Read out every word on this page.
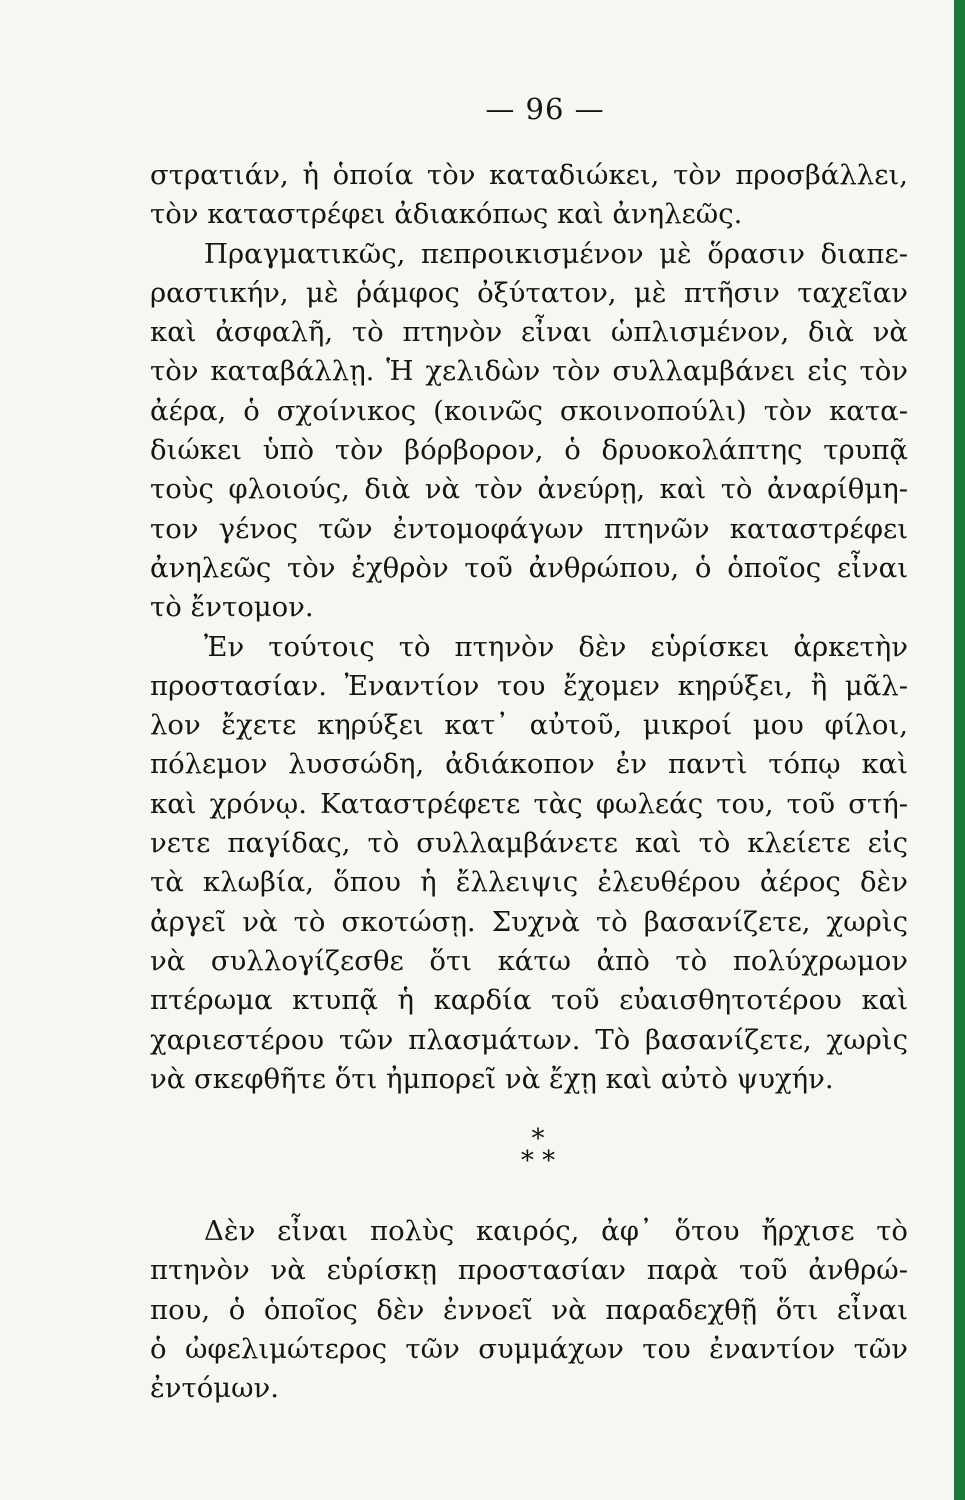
— 96 —
στρατιάν, ἡ ὁποία τὸν καταδιώκει, τὸν προσβάλλει,
τὸν καταστρέφει ἀδιακόπως καὶ ἀνηλεῶς.
Πραγματικῶς, πεπροικισμένον μὲ ὅρασιν διαπε-
ραστικήν, μὲ ῥάμφος ὀξύτατον, μὲ πτῆσιν ταχεῖαν
καὶ ἀσφαλῆ, τὸ πτηνὸν εἶναι ὡπλισμένον, διὰ νὰ
τὸν καταβάλλῃ. Ἡ χελιδὼν τὸν συλλαμβάνει εἰς τὸν
ἀέρα, ὁ σχοίνικος (κοινῶς σκοινοπούλι) τὸν κατα-
διώκει ὑπὸ τὸν βόρβορον, ὁ δρυοκολάπτης τρυπᾷ
τοὺς φλοιούς, διὰ νὰ τὸν ἀνεύρῃ, καὶ τὸ ἀναρίθμη-
τον γένος τῶν ἐντομοφάγων πτηνῶν καταστρέφει
ἀνηλεῶς τὸν ἐχθρὸν τοῦ ἀνθρώπου, ὁ ὁποῖος εἶναι
τὸ ἔντομον.
Ἐν τούτοις τὸ πτηνὸν δὲν εὑρίσκει ἀρκετὴν
προστασίαν. Ἐναντίον του ἔχομεν κηρύξει, ἢ μᾶλ-
λον ἔχετε κηρύξει κατ᾽ αὐτοῦ, μικροί μου φίλοι,
πόλεμον λυσσώδη, ἀδιάκοπον ἐν παντὶ τόπῳ καὶ
καὶ χρόνῳ. Καταστρέφετε τὰς φωλεάς του, τοῦ στή-
νετε παγίδας, τὸ συλλαμβάνετε καὶ τὸ κλείετε εἰς
τὰ κλωβία, ὅπου ἡ ἔλλειψις ἐλευθέρου ἀέρος δὲν
ἀργεῖ νὰ τὸ σκοτώσῃ. Συχνὰ τὸ βασανίζετε, χωρὶς
νὰ συλλογίζεσθε ὅτι κάτω ἀπὸ τὸ πολύχρωμον
πτέρωμα κτυπᾷ ἡ καρδία τοῦ εὐαισθητοτέρου καὶ
χαριεστέρου τῶν πλασμάτων. Τὸ βασανίζετε, χωρὶς
νὰ σκεφθῆτε ὅτι ἠμπορεῖ νὰ ἔχῃ καὶ αὐτὸ ψυχήν.
*
* *
Δὲν εἶναι πολὺς καιρός, ἀφ᾽ ὅτου ἤρχισε τὸ
πτηνὸν νὰ εὑρίσκῃ προστασίαν παρὰ τοῦ ἀνθρώ-
που, ὁ ὁποῖος δὲν ἐννοεῖ νὰ παραδεχθῇ ὅτι εἶναι
ὁ ὠφελιμώτερος τῶν συμμάχων του ἐναντίον τῶν
ἐντόμων.
